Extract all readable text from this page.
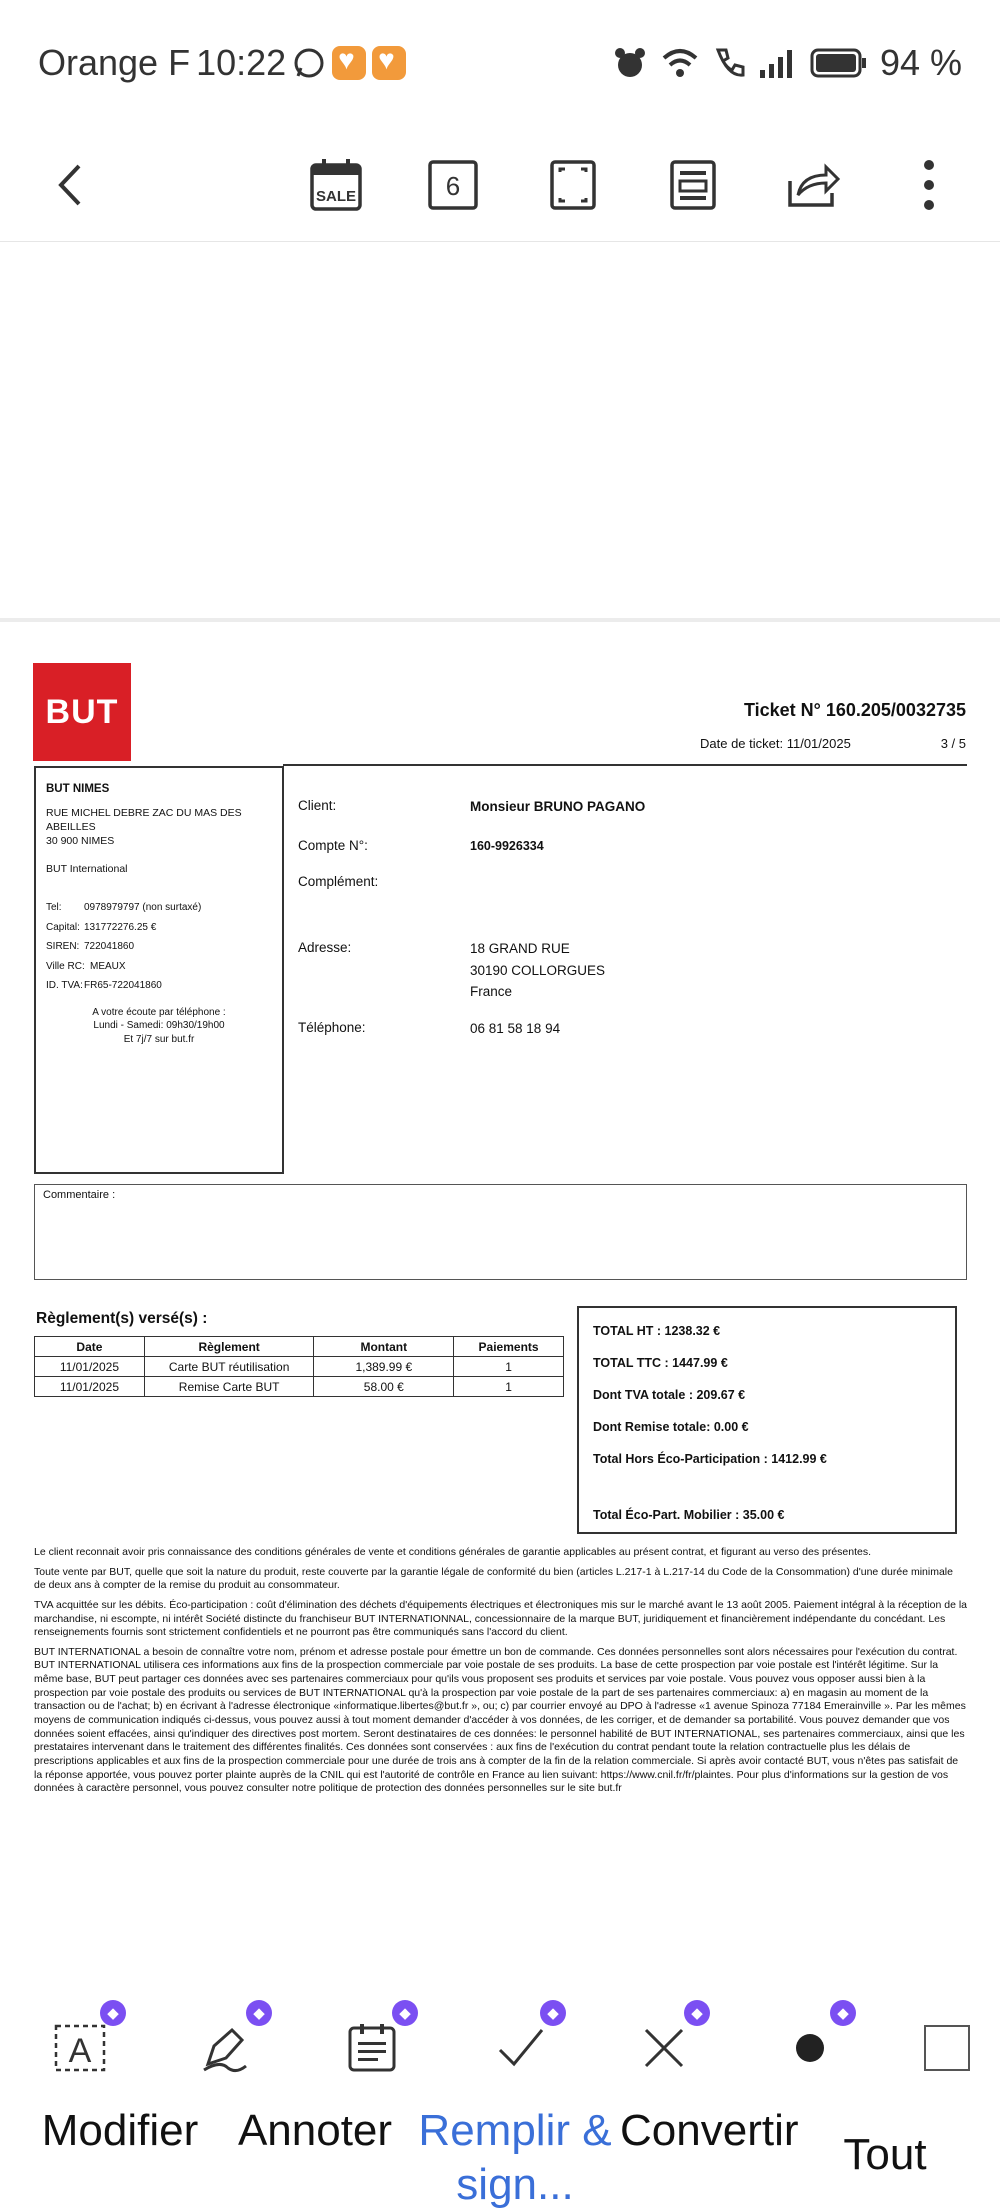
Orange F 10:22 ♥ ♥	94 %
SALE	6
BUT	Ticket N° 160.205/0032735
Date de ticket: 11/01/2025	3 / 5
BUT NIMES
RUE MICHEL DEBRE ZAC DU MAS DES ABEILLES
30 900 NIMES
BUT International
Tel:	0978979797 (non surtaxé)
Capital: 131772276.25 €
SIREN: 722041860
Ville RC: MEAUX
ID. TVA: FR65-722041860
A votre écoute par téléphone :
Lundi - Samedi: 09h30/19h00
Et 7j/7 sur but.fr
Client:	Monsieur BRUNO PAGANO
Compte N°:	160-9926334
Complément:
Adresse:	18 GRAND RUE
30190 COLLORGUES
France
Téléphone:	06 81 58 18 94
Commentaire :
Règlement(s) versé(s) :
Date	Règlement	Montant	Paiements
11/01/2025	Carte BUT réutilisation	1,389.99 €	1
11/01/2025	Remise Carte BUT	58.00 €	1
TOTAL HT : 1238.32 €
TOTAL TTC : 1447.99 €
Dont TVA totale : 209.67 €
Dont Remise totale: 0.00 €
Total Hors Éco-Participation : 1412.99 €
Total Éco-Part. Mobilier : 35.00 €

Le client reconnait avoir pris connaissance des conditions générales de vente et conditions générales de garantie applicables au présent contrat, et figurant au verso des présentes.

Toute vente par BUT, quelle que soit la nature du produit, reste couverte par la garantie légale de conformité du bien (articles L.217-1 à L.217-14 du Code de la Consommation) d'une durée minimale de deux ans à compter de la remise du produit au consommateur.

TVA acquittée sur les débits. Éco-participation : coût d'élimination des déchets d'équipements électriques et électroniques mis sur le marché avant le 13 août 2005. Paiement intégral à la réception de la marchandise, ni escompte, ni intérêt Société distincte du franchiseur BUT INTERNATIONNAL, concessionnaire de la marque BUT, juridiquement et financièrement indépendante du concédant. Les renseignements fournis sont strictement confidentiels et ne pourront pas être communiqués sans l'accord du client.

BUT INTERNATIONAL a besoin de connaître votre nom, prénom et adresse postale pour émettre un bon de commande. Ces données personnelles sont alors nécessaires pour l'exécution du contrat. BUT INTERNATIONAL utilisera ces informations aux fins de la prospection commerciale par voie postale de ses produits. La base de cette prospection par voie postale est l'intérêt légitime. Sur la même base, BUT peut partager ces données avec ses partenaires commerciaux pour qu'ils vous proposent ses produits et services par voie postale. Vous pouvez vous opposer aussi bien à la prospection par voie postale des produits ou services de BUT INTERNATIONAL qu'à la prospection par voie postale de la part de ses partenaires commerciaux: a) en magasin au moment de la transaction ou de l'achat; b) en écrivant à l'adresse électronique «informatique.libertes@but.fr », ou; c) par courrier envoyé au DPO à l'adresse «1 avenue Spinoza 77184 Emerainville ». Par les mêmes moyens de communication indiqués ci-dessus, vous pouvez aussi à tout moment demander d'accéder à vos données, de les corriger, et de demander sa portabilité. Vous pouvez demander que vos données soient effacées, ainsi qu'indiquer des directives post mortem. Seront destinataires de ces données: le personnel habilité de BUT INTERNATIONAL, ses partenaires commerciaux, ainsi que les prestataires intervenant dans le traitement des différentes finalités. Ces données sont conservées : aux fins de l'exécution du contrat pendant toute la relation contractuelle plus les délais de prescriptions applicables et aux fins de la prospection commerciale pour une durée de trois ans à compter de la fin de la relation commerciale. Si après avoir contacté BUT, vous n'êtes pas satisfait de la réponse apportée, vous pouvez porter plainte auprès de la CNIL qui est l'autorité de contrôle en France au lien suivant: https://www.cnil.fr/fr/plaintes. Pour plus d'informations sur la gestion de vos données à caractère personnel, vous pouvez consulter notre politique de protection des données personnelles sur le site but.fr

A
◆	◆	◆	◆	◆	◆
Modifier Annoter Remplir & sign...
Convertir	Tout
